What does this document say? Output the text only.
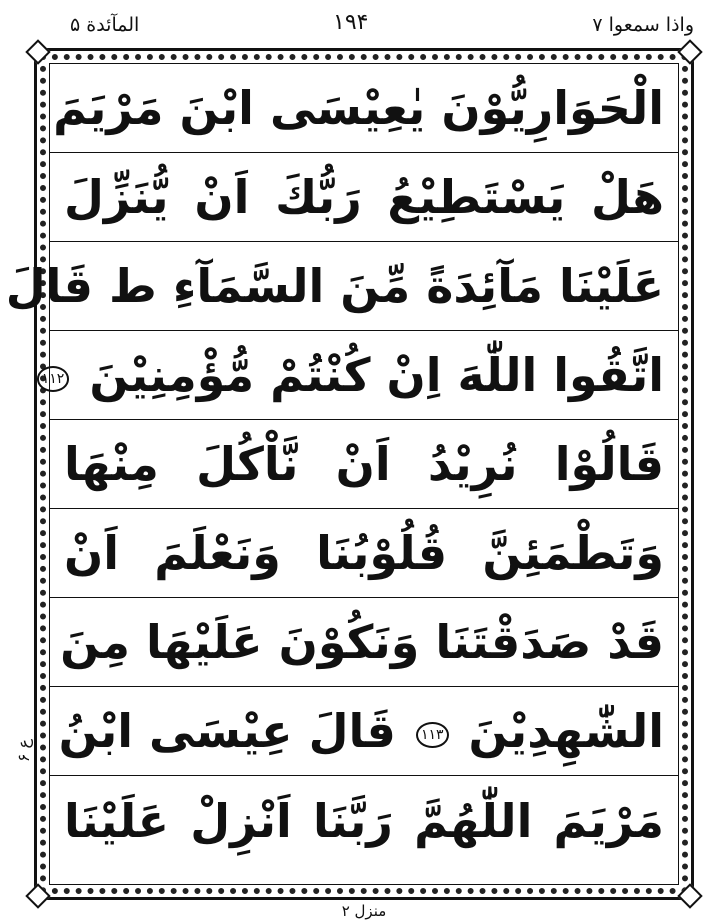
المآئدة ۵	۱۹۴	واذا سمعوا ۷
الْحَوَارِيُّوْنَ يٰعِيْسَى ابْنَ مَرْيَمَ
هَلْ يَسْتَطِيْعُ رَبُّكَ اَنْ يُّنَزِّلَ
عَلَيْنَا مَآئِدَةً مِّنَ السَّمَآءِ ط قَالَ
اتَّقُوا اللّٰهَ اِنْ كُنْتُمْ مُّؤْمِنِيْنَ ۱۱۲
قَالُوْا نُرِيْدُ اَنْ نَّاْكُلَ مِنْهَا
وَتَطْمَئِنَّ قُلُوْبُنَا وَنَعْلَمَ اَنْ
قَدْ صَدَقْتَنَا وَنَكُوْنَ عَلَيْهَا مِنَ
الشّٰهِدِيْنَ ۱۱۳ قَالَ عِيْسَى ابْنُ
مَرْيَمَ اللّٰهُمَّ رَبَّنَا اَنْزِلْ عَلَيْنَا
عِ ۶
منزل ۲
